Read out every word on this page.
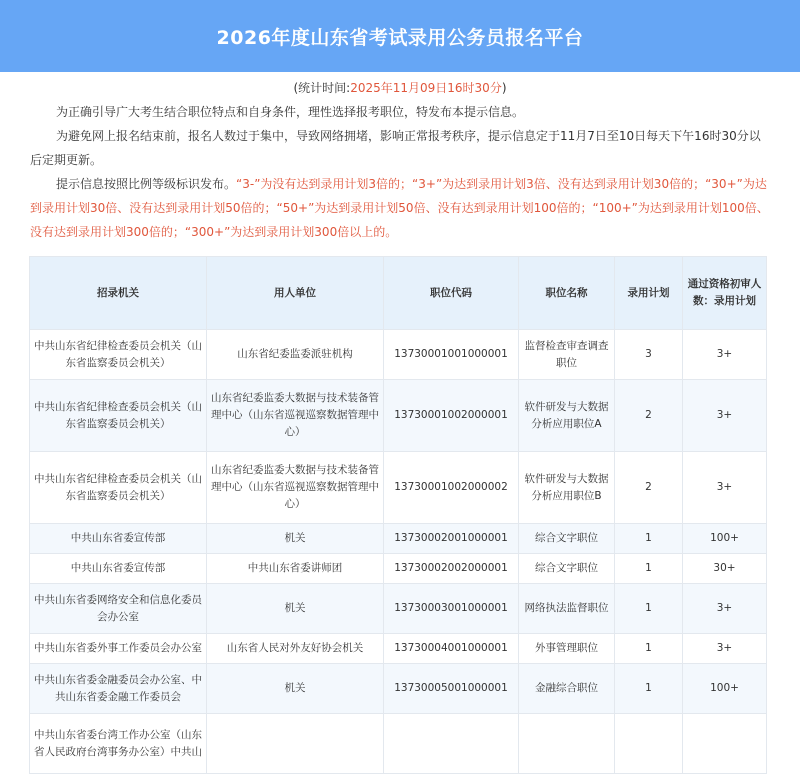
2026年度山东省考试录用公务员报名平台
(统计时间:2025年11月09日16时30分)

为正确引导广大考生结合职位特点和自身条件，理性选择报考职位，特发布本提示信息。

为避免网上报名结束前，报名人数过于集中，导致网络拥堵，影响正常报考秩序，提示信息定于11月7日至10日每天下午16时30分以后定期更新。

提示信息按照比例等级标识发布。“3-”为没有达到录用计划3倍的；“3+”为达到录用计划3倍、没有达到录用计划30倍的；“30+”为达到录用计划30倍、没有达到录用计划50倍的；“50+”为达到录用计划50倍、没有达到录用计划100倍的；“100+”为达到录用计划100倍、没有达到录用计划300倍的；“300+”为达到录用计划300倍以上的。

招录机关	用人单位	职位代码	职位名称	录用计划	通过资格初审人数：录用计划
中共山东省纪律检查委员会机关（山东省监察委员会机关）	山东省纪委监委派驻机构	13730001001000001	监督检查审查调查职位	3	3+
中共山东省纪律检查委员会机关（山东省监察委员会机关）	山东省纪委监委大数据与技术装备管理中心（山东省巡视巡察数据管理中心）	13730001002000001	软件研发与大数据分析应用职位A	2	3+
中共山东省纪律检查委员会机关（山东省监察委员会机关）	山东省纪委监委大数据与技术装备管理中心（山东省巡视巡察数据管理中心）	13730001002000002	软件研发与大数据分析应用职位B	2	3+
中共山东省委宣传部	机关	13730002001000001	综合文字职位	1	100+
中共山东省委宣传部	中共山东省委讲师团	13730002002000001	综合文字职位	1	30+
中共山东省委网络安全和信息化委员会办公室	机关	13730003001000001	网络执法监督职位	1	3+
中共山东省委外事工作委员会办公室	山东省人民对外友好协会机关	13730004001000001	外事管理职位	1	3+
中共山东省委金融委员会办公室、中共山东省委金融工作委员会	机关	13730005001000001	金融综合职位	1	100+
中共山东省委台湾工作办公室（山东省人民政府台湾事务办公室）中共山					
